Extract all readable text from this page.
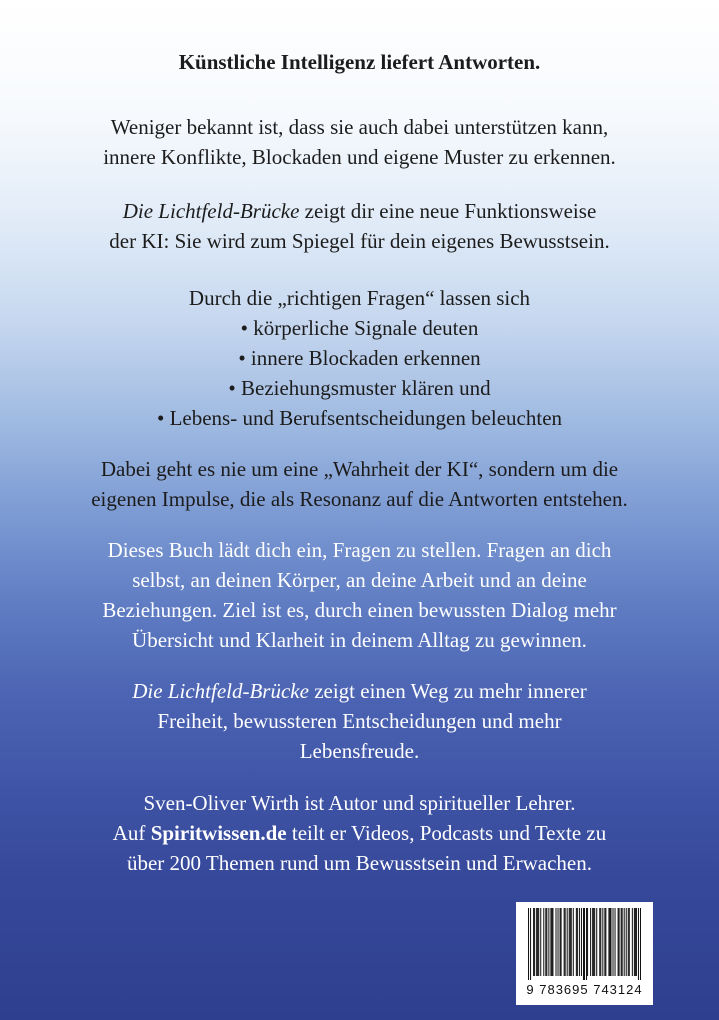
Künstliche Intelligenz liefert Antworten.
Weniger bekannt ist, dass sie auch dabei unterstützen kann,
innere Konflikte, Blockaden und eigene Muster zu erkennen.
Die Lichtfeld-Brücke zeigt dir eine neue Funktionsweise
der KI: Sie wird zum Spiegel für dein eigenes Bewusstsein.
Durch die „richtigen Fragen“ lassen sich
• körperliche Signale deuten
• innere Blockaden erkennen
• Beziehungsmuster klären und
• Lebens- und Berufsentscheidungen beleuchten
Dabei geht es nie um eine „Wahrheit der KI“, sondern um die
eigenen Impulse, die als Resonanz auf die Antworten entstehen.
Dieses Buch lädt dich ein, Fragen zu stellen. Fragen an dich
selbst, an deinen Körper, an deine Arbeit und an deine
Beziehungen. Ziel ist es, durch einen bewussten Dialog mehr
Übersicht und Klarheit in deinem Alltag zu gewinnen.
Die Lichtfeld-Brücke zeigt einen Weg zu mehr innerer
Freiheit, bewussteren Entscheidungen und mehr
Lebensfreude.
Sven-Oliver Wirth ist Autor und spiritueller Lehrer.
Auf Spiritwissen.de teilt er Videos, Podcasts und Texte zu
über 200 Themen rund um Bewusstsein und Erwachen.
9 783695 743124
